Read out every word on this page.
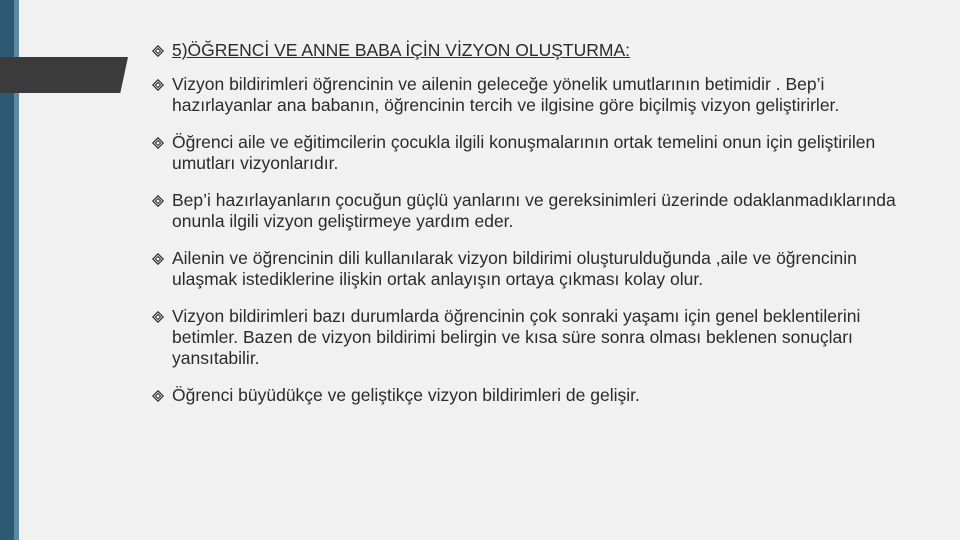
5)ÖĞRENCİ VE ANNE BABA İÇİN VİZYON OLUŞTURMA:
Vizyon bildirimleri öğrencinin ve ailenin geleceğe yönelik umutlarının betimidir . Bep’i hazırlayanlar ana babanın, öğrencinin tercih ve ilgisine göre biçilmiş vizyon geliştirirler.
Öğrenci aile ve eğitimcilerin çocukla ilgili konuşmalarının ortak temelini onun için geliştirilen umutları vizyonlarıdır.
Bep’i hazırlayanların çocuğun güçlü yanlarını ve gereksinimleri üzerinde odaklanmadıklarında onunla ilgili vizyon geliştirmeye yardım eder.
Ailenin ve öğrencinin dili kullanılarak vizyon bildirimi oluşturulduğunda ,aile ve öğrencinin ulaşmak istediklerine ilişkin ortak anlayışın ortaya çıkması kolay olur.
Vizyon bildirimleri bazı durumlarda öğrencinin çok sonraki yaşamı için genel beklentilerini betimler. Bazen de vizyon bildirimi belirgin ve kısa süre sonra olması beklenen sonuçları yansıtabilir.
Öğrenci büyüdükçe ve geliştikçe vizyon bildirimleri de gelişir.
